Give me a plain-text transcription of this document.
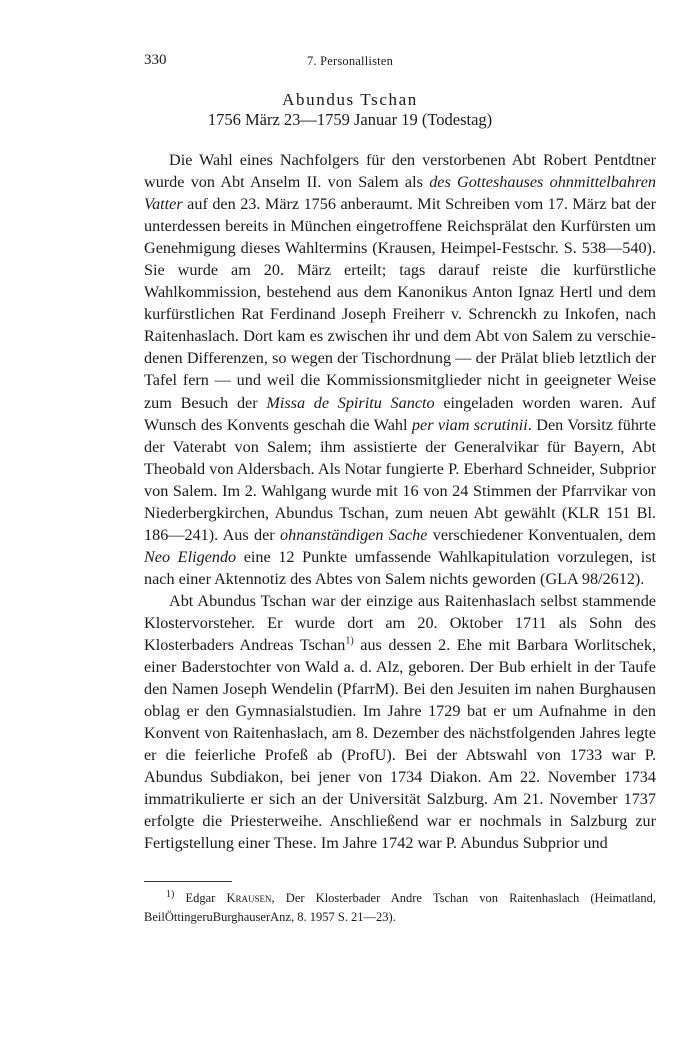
330	7. Personallisten
Abundus Tschan
1756 März 23—1759 Januar 19 (Todestag)

Die Wahl eines Nachfolgers für den verstorbenen Abt Robert Pentdtner wurde von Abt Anselm II. von Salem als des Gotteshauses ohnmittelbahren Vatter auf den 23. März 1756 anberaumt. Mit Schreiben vom 17. März bat der unterdessen bereits in München eingetroffene Reichsprälat den Kurfürsten um Genehmigung dieses Wahltermins (Krausen, Heimpel-Festschr. S. 538—540). Sie wurde am 20. März erteilt; tags darauf reiste die kurfürstliche Wahlkommission, bestehend aus dem Kanonikus Anton Ignaz Hertl und dem kurfürstlichen Rat Ferdinand Joseph Freiherr v. Schrenckh zu Inkofen, nach Raitenhaslach. Dort kam es zwischen ihr und dem Abt von Salem zu verschiedenen Differenzen, so wegen der Tischordnung — der Prälat blieb letztlich der Tafel fern — und weil die Kommissionsmitglieder nicht in geeigneter Weise zum Besuch der Missa de Spiritu Sancto eingeladen worden waren. Auf Wunsch des Konvents geschah die Wahl per viam scrutinii. Den Vorsitz führte der Vaterabt von Salem; ihm assistierte der Generalvikar für Bayern, Abt Theobald von Aldersbach. Als Notar fungierte P. Eberhard Schneider, Subprior von Salem. Im 2. Wahlgang wurde mit 16 von 24 Stimmen der Pfarrvikar von Niederbergkirchen, Abundus Tschan, zum neuen Abt gewählt (KLR 151 Bl. 186—241). Aus der ohnanständigen Sache verschiedener Konventualen, dem Neo Eligendo eine 12 Punkte umfassende Wahlkapitulation vorzulegen, ist nach einer Aktennotiz des Abtes von Salem nichts geworden (GLA 98/2612).

Abt Abundus Tschan war der einzige aus Raitenhaslach selbst stammende Klostervorsteher. Er wurde dort am 20. Oktober 1711 als Sohn des Klosterbaders Andreas Tschan$^{1)}$ aus dessen 2. Ehe mit Barbara Worlitschek, einer Baderstochter von Wald a. d. Alz, geboren. Der Bub erhielt in der Taufe den Namen Joseph Wendelin (PfarrM). Bei den Jesuiten im nahen Burghausen oblag er den Gymnasialstudien. Im Jahre 1729 bat er um Aufnahme in den Konvent von Raitenhaslach, am 8. Dezember des nächstfolgenden Jahres legte er die feierliche Profeß ab (ProfU). Bei der Abtswahl von 1733 war P. Abundus Subdiakon, bei jener von 1734 Diakon. Am 22. November 1734 immatrikulierte er sich an der Universität Salzburg. Am 21. November 1737 erfolgte die Priesterweihe. Anschließend war er nochmals in Salzburg zur Fertigstellung einer These. Im Jahre 1742 war P. Abundus Subprior und

$^{1)}$ Edgar Krausen, Der Klosterbader Andre Tschan von Raitenhaslach (Heimatland, BeilÖttingeruBurghauserAnz, 8. 1957 S. 21—23).
